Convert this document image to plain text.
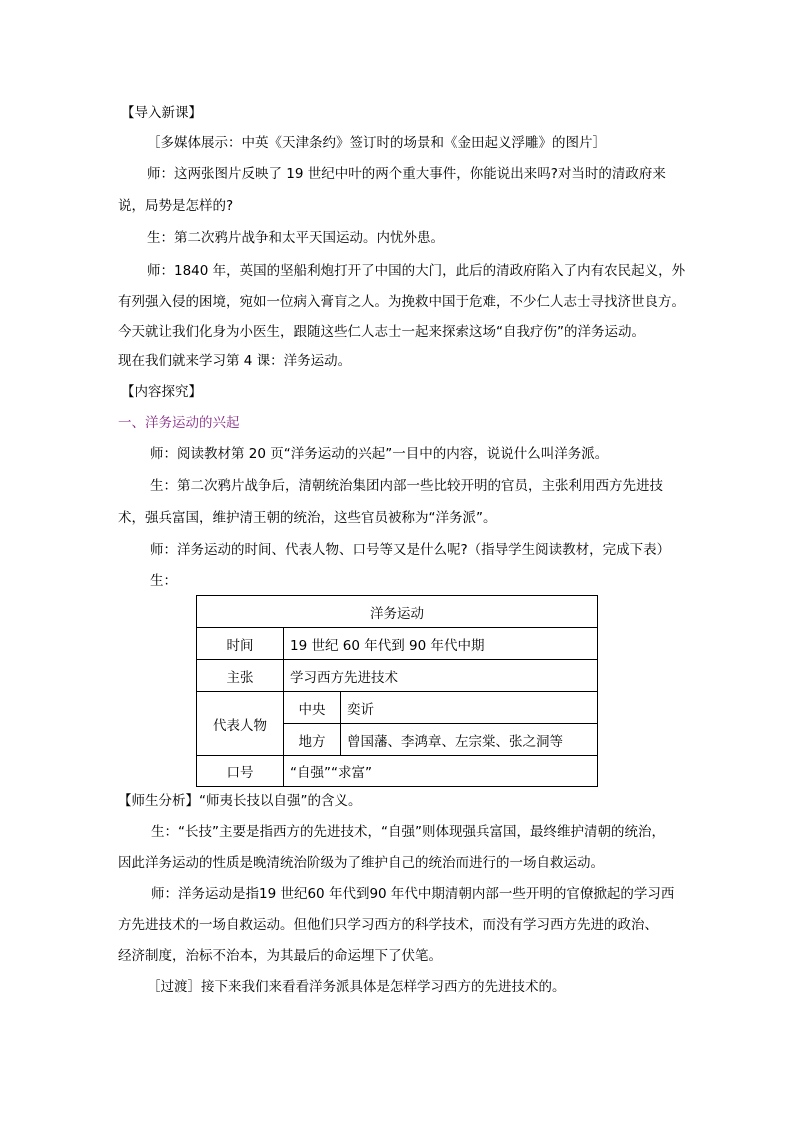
【导入新课】
［多媒体展示：中英《天津条约》签订时的场景和《金田起义浮雕》的图片］
师：这两张图片反映了 19 世纪中叶的两个重大事件，你能说出来吗?对当时的清政府来
说，局势是怎样的?
生：第二次鸦片战争和太平天国运动。内忧外患。
师：1840 年，英国的坚船利炮打开了中国的大门，此后的清政府陷入了内有农民起义，外
有列强入侵的困境，宛如一位病入膏肓之人。为挽救中国于危难，不少仁人志士寻找济世良方。
今天就让我们化身为小医生，跟随这些仁人志士一起来探索这场“自我疗伤”的洋务运动。
现在我们就来学习第 4 课：洋务运动。
【内容探究】
一、洋务运动的兴起
师：阅读教材第 20 页“洋务运动的兴起”一目中的内容，说说什么叫洋务派。
生：第二次鸦片战争后，清朝统治集团内部一些比较开明的官员，主张利用西方先进技
术，强兵富国，维护清王朝的统治，这些官员被称为“洋务派”。
师：洋务运动的时间、代表人物、口号等又是什么呢?（指导学生阅读教材，完成下表）
生：
洋务运动		
时间	19 世纪 60 年代到 90 年代中期	
主张	学习西方先进技术	
代表人物	中央	奕䜣
	地方	曾国藩、李鸿章、左宗棠、张之洞等
口号	“自强”“求富”	
【师生分析】“师夷长技以自强”的含义。
生：“长技”主要是指西方的先进技术，“自强”则体现强兵富国，最终维护清朝的统治，
因此洋务运动的性质是晚清统治阶级为了维护自己的统治而进行的一场自救运动。
师：洋务运动是指19 世纪60 年代到90 年代中期清朝内部一些开明的官僚掀起的学习西
方先进技术的一场自救运动。但他们只学习西方的科学技术，而没有学习西方先进的政治、
经济制度，治标不治本，为其最后的命运埋下了伏笔。
［过渡］接下来我们来看看洋务派具体是怎样学习西方的先进技术的。
